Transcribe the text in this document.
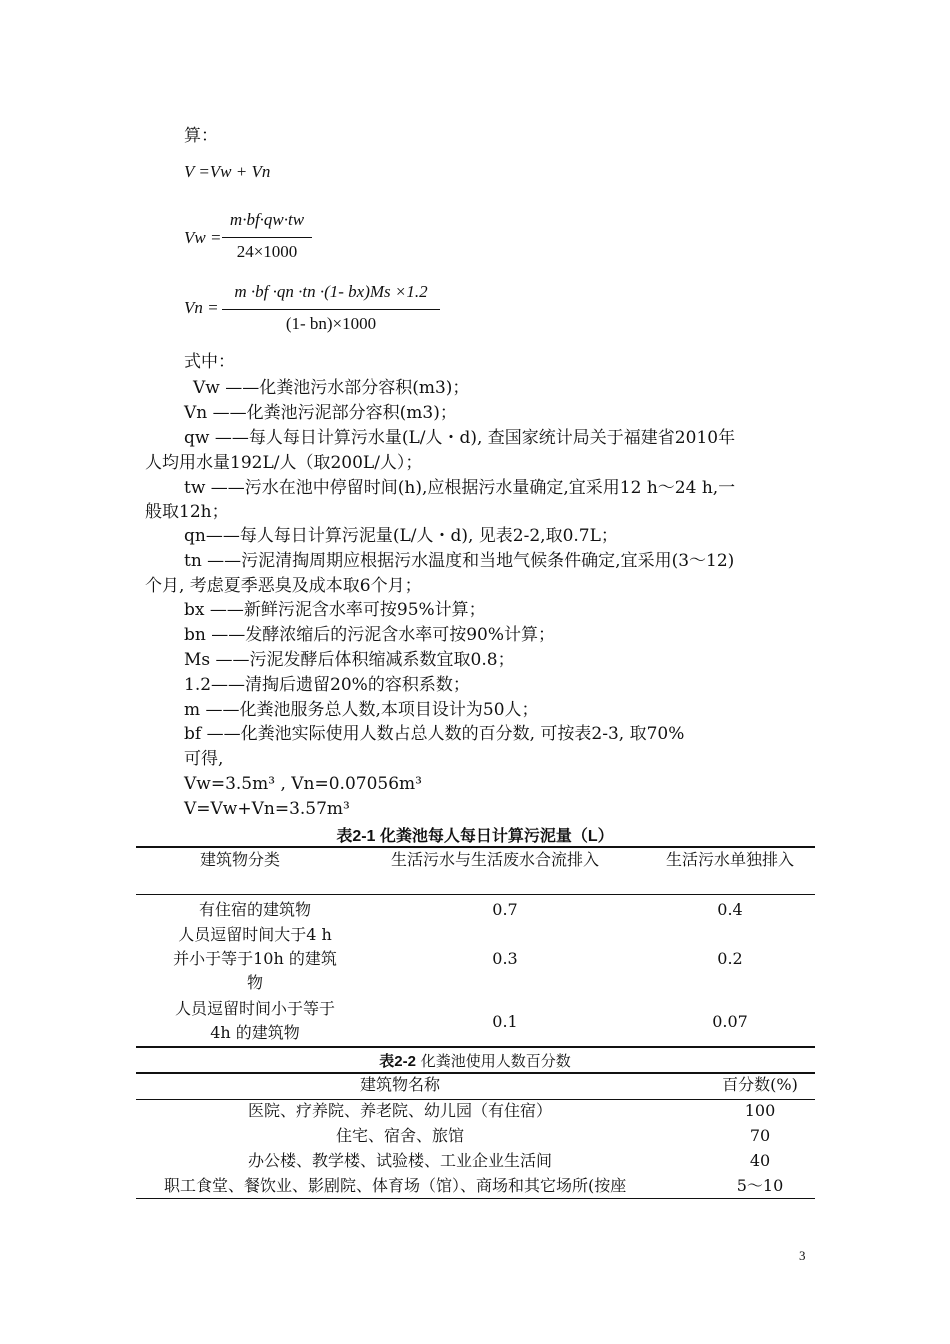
算：
V =Vw + Vn
Vw =
m·bf·qw·tw
24×1000
Vn =
m ·bf ·qn ·tn ·(1- bx)Ms ×1.2
(1- bn)×1000
式中：
Vw ——化粪池污水部分容积(m3)；
Vn ——化粪池污泥部分容积(m3)；
qw ——每人每日计算污水量(L/人・d), 查国家统计局关于福建省2010年
人均用水量192L/人（取200L/人）；
tw ——污水在池中停留时间(h),应根据污水量确定,宜采用12 h～24 h,一
般取12h；
qn——每人每日计算污泥量(L/人・d), 见表2-2,取0.7L；
tn ——污泥清掏周期应根据污水温度和当地气候条件确定,宜采用(3～12)
个月, 考虑夏季恶臭及成本取6个月；
bx ——新鲜污泥含水率可按95%计算；
bn ——发酵浓缩后的污泥含水率可按90%计算；
Ms ——污泥发酵后体积缩减系数宜取0.8；
1.2——清掏后遗留20%的容积系数；
m ——化粪池服务总人数,本项目设计为50人；
bf ——化粪池实际使用人数占总人数的百分数, 可按表2-3, 取70%
可得,
Vw=3.5m³ , Vn=0.07056m³
V=Vw+Vn=3.57m³
表2-1 化粪池每人每日计算污泥量（L）
建筑物分类	生活污水与生活废水合流排入	生活污水单独排入
有住宿的建筑物	0.7	0.4
人员逗留时间大于4 h
并小于等于10h 的建筑
物
0.3	0.2
人员逗留时间小于等于
4h 的建筑物
0.1	0.07
表2-2 化粪池使用人数百分数
建筑物名称	百分数(%)
医院、疗养院、养老院、幼儿园（有住宿）	100
住宅、宿舍、旅馆	70
办公楼、教学楼、试验楼、工业企业生活间	40
职工食堂、餐饮业、影剧院、体育场（馆）、商场和其它场所(按座	5～10
3
